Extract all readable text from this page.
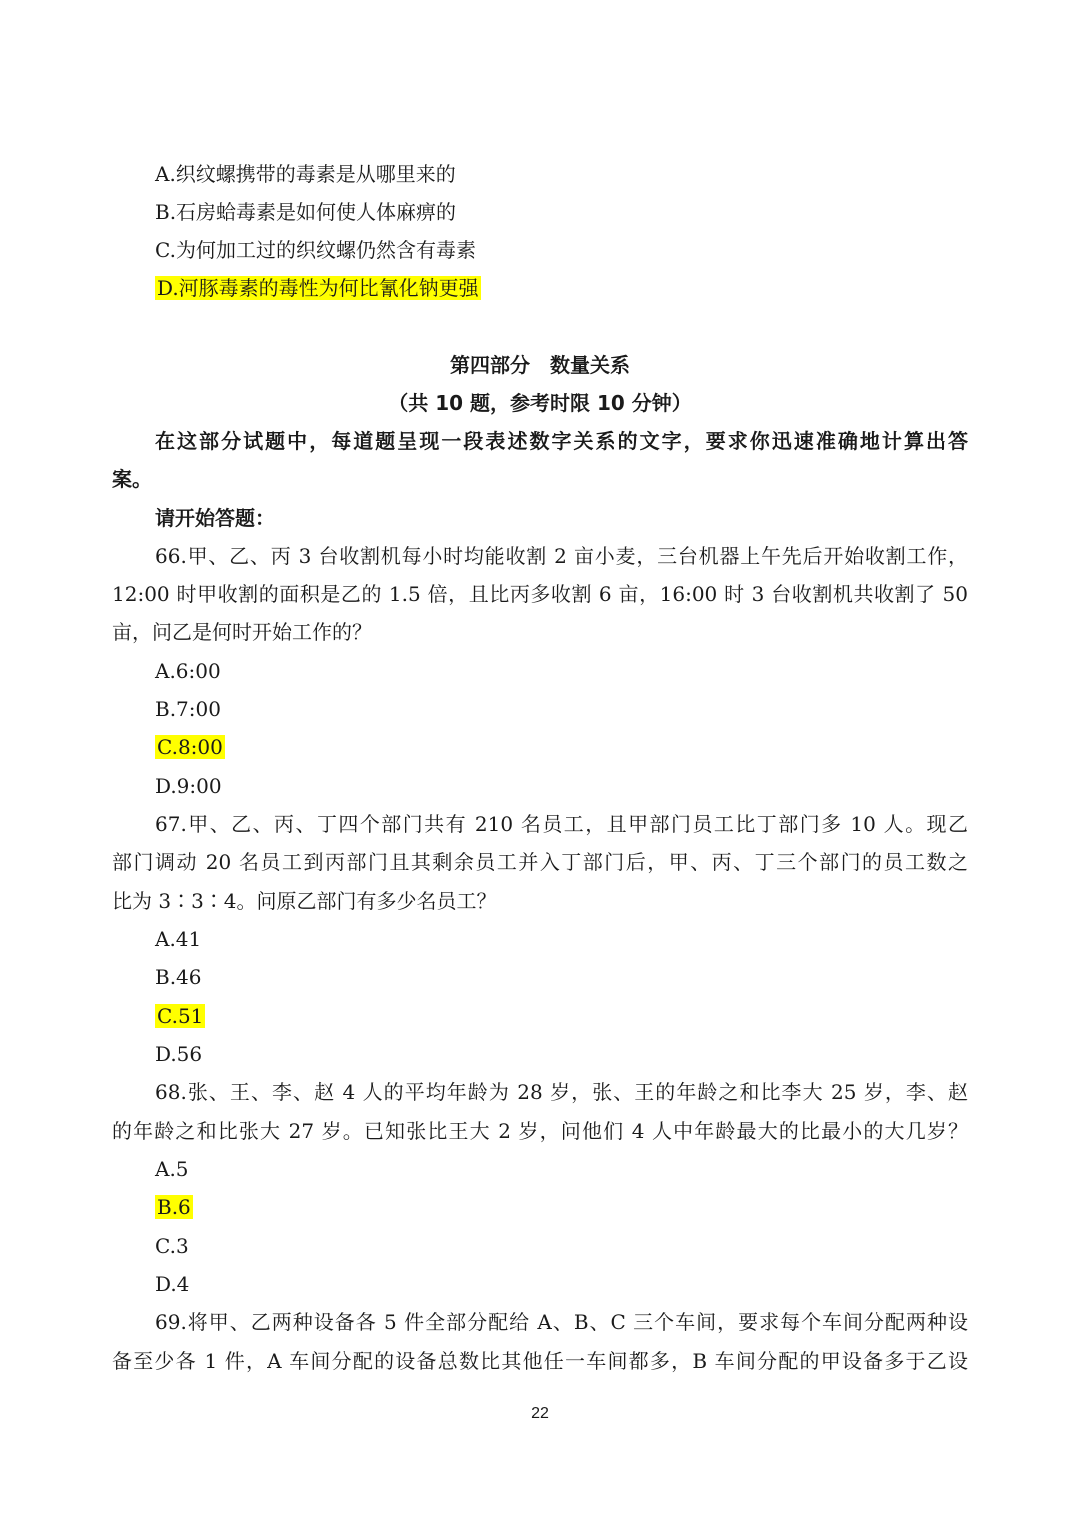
A.织纹螺携带的毒素是从哪里来的
B.石房蛤毒素是如何使人体麻痹的
C.为何加工过的织纹螺仍然含有毒素
D.河豚毒素的毒性为何比氰化钠更强
第四部分　数量关系
（共 10 题，参考时限 10 分钟）
在这部分试题中，每道题呈现一段表述数字关系的文字，要求你迅速准确地计算出答
案。
请开始答题：
66.甲、乙、丙 3 台收割机每小时均能收割 2 亩小麦，三台机器上午先后开始收割工作，
12:00 时甲收割的面积是乙的 1.5 倍，且比丙多收割 6 亩，16:00 时 3 台收割机共收割了 50
亩，问乙是何时开始工作的？
A.6:00
B.7:00
C.8:00
D.9:00
67.甲、乙、丙、丁四个部门共有 210 名员工，且甲部门员工比丁部门多 10 人。现乙
部门调动 20 名员工到丙部门且其剩余员工并入丁部门后，甲、丙、丁三个部门的员工数之
比为 3∶3∶4。问原乙部门有多少名员工？
A.41
B.46
C.51
D.56
68.张、王、李、赵 4 人的平均年龄为 28 岁，张、王的年龄之和比李大 25 岁，李、赵
的年龄之和比张大 27 岁。已知张比王大 2 岁，问他们 4 人中年龄最大的比最小的大几岁？
A.5
B.6
C.3
D.4
69.将甲、乙两种设备各 5 件全部分配给 A、B、C 三个车间，要求每个车间分配两种设
备至少各 1 件，A 车间分配的设备总数比其他任一车间都多，B 车间分配的甲设备多于乙设
22
